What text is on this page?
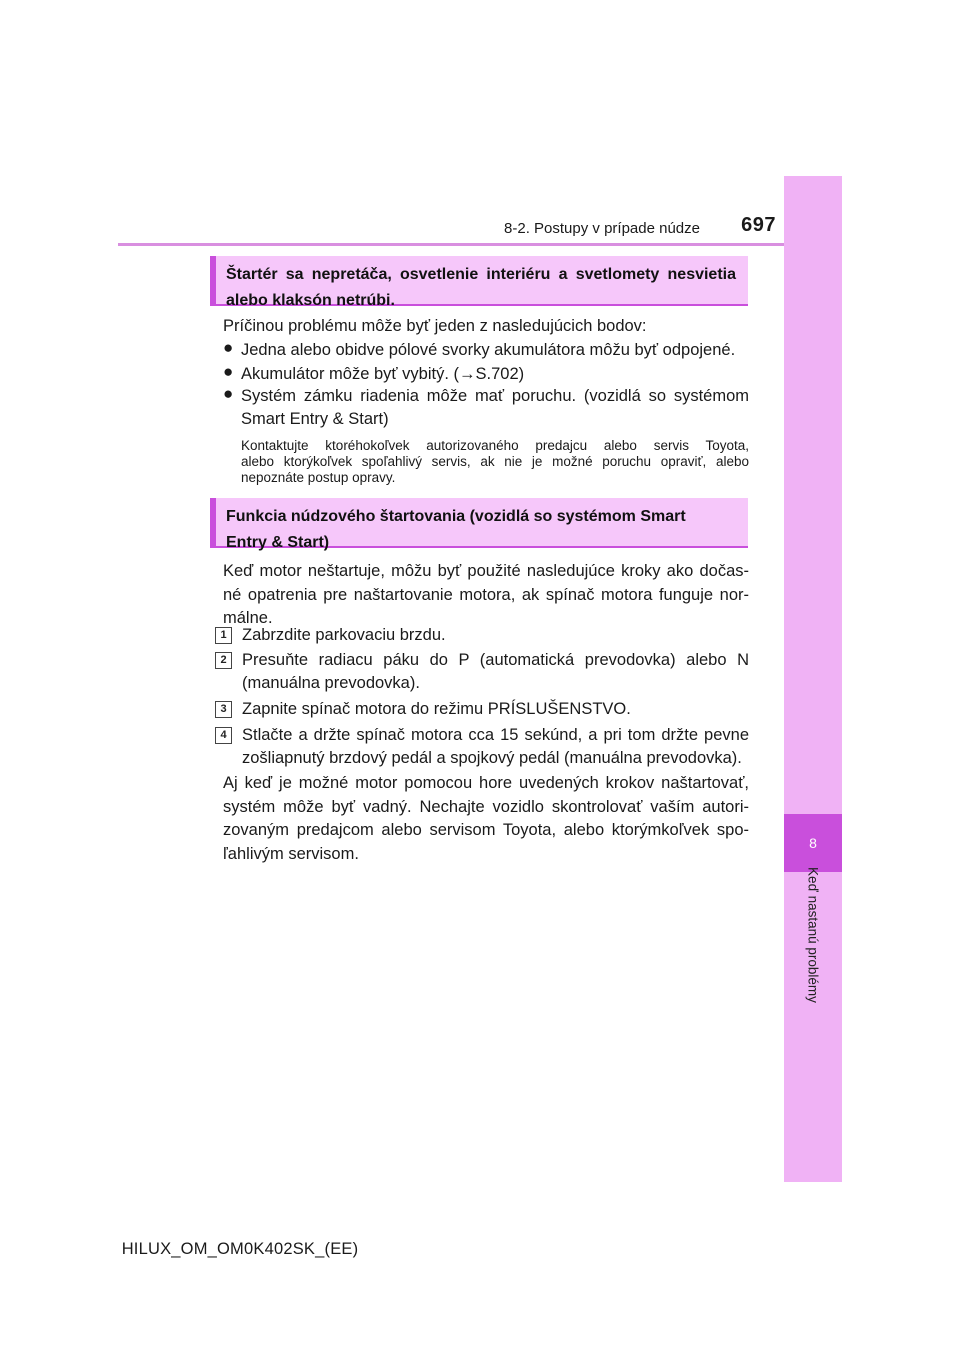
8-2. Postupy v prípade núdze 697
8
Keď nastanú problémy
Štartér sa nepretáča, osvetlenie interiéru a svetlomety nesvietia
alebo klaksón netrúbi.
Príčinou problému môže byť jeden z nasledujúcich bodov:
● Jedna alebo obidve pólové svorky akumulátora môžu byť odpojené.
● Akumulátor môže byť vybitý. (→S.702)
● Systém zámku riadenia môže mať poruchu. (vozidlá so systémom
Smart Entry & Start)
Kontaktujte ktoréhokoľvek autorizovaného predajcu alebo servis Toyota,
alebo ktorýkoľvek spoľahlivý servis, ak nie je možné poruchu opraviť, alebo
nepoznáte postup opravy.
Funkcia núdzového štartovania (vozidlá so systémom Smart
Entry & Start)
Keď motor neštartuje, môžu byť použité nasledujúce kroky ako dočas-
né opatrenia pre naštartovanie motora, ak spínač motora funguje nor-
málne.
1 Zabrzdite parkovaciu brzdu.
2 Presuňte radiacu páku do P (automatická prevodovka) alebo N
(manuálna prevodovka).
3 Zapnite spínač motora do režimu PRÍSLUŠENSTVO.
4 Stlačte a držte spínač motora cca 15 sekúnd, a pri tom držte pevne
zošliapnutý brzdový pedál a spojkový pedál (manuálna prevodovka).
Aj keď je možné motor pomocou hore uvedených krokov naštartovať,
systém môže byť vadný. Nechajte vozidlo skontrolovať vaším autori-
zovaným predajcom alebo servisom Toyota, alebo ktorýmkoľvek spo-
ľahlivým servisom.
HILUX_OM_OM0K402SK_(EE)
